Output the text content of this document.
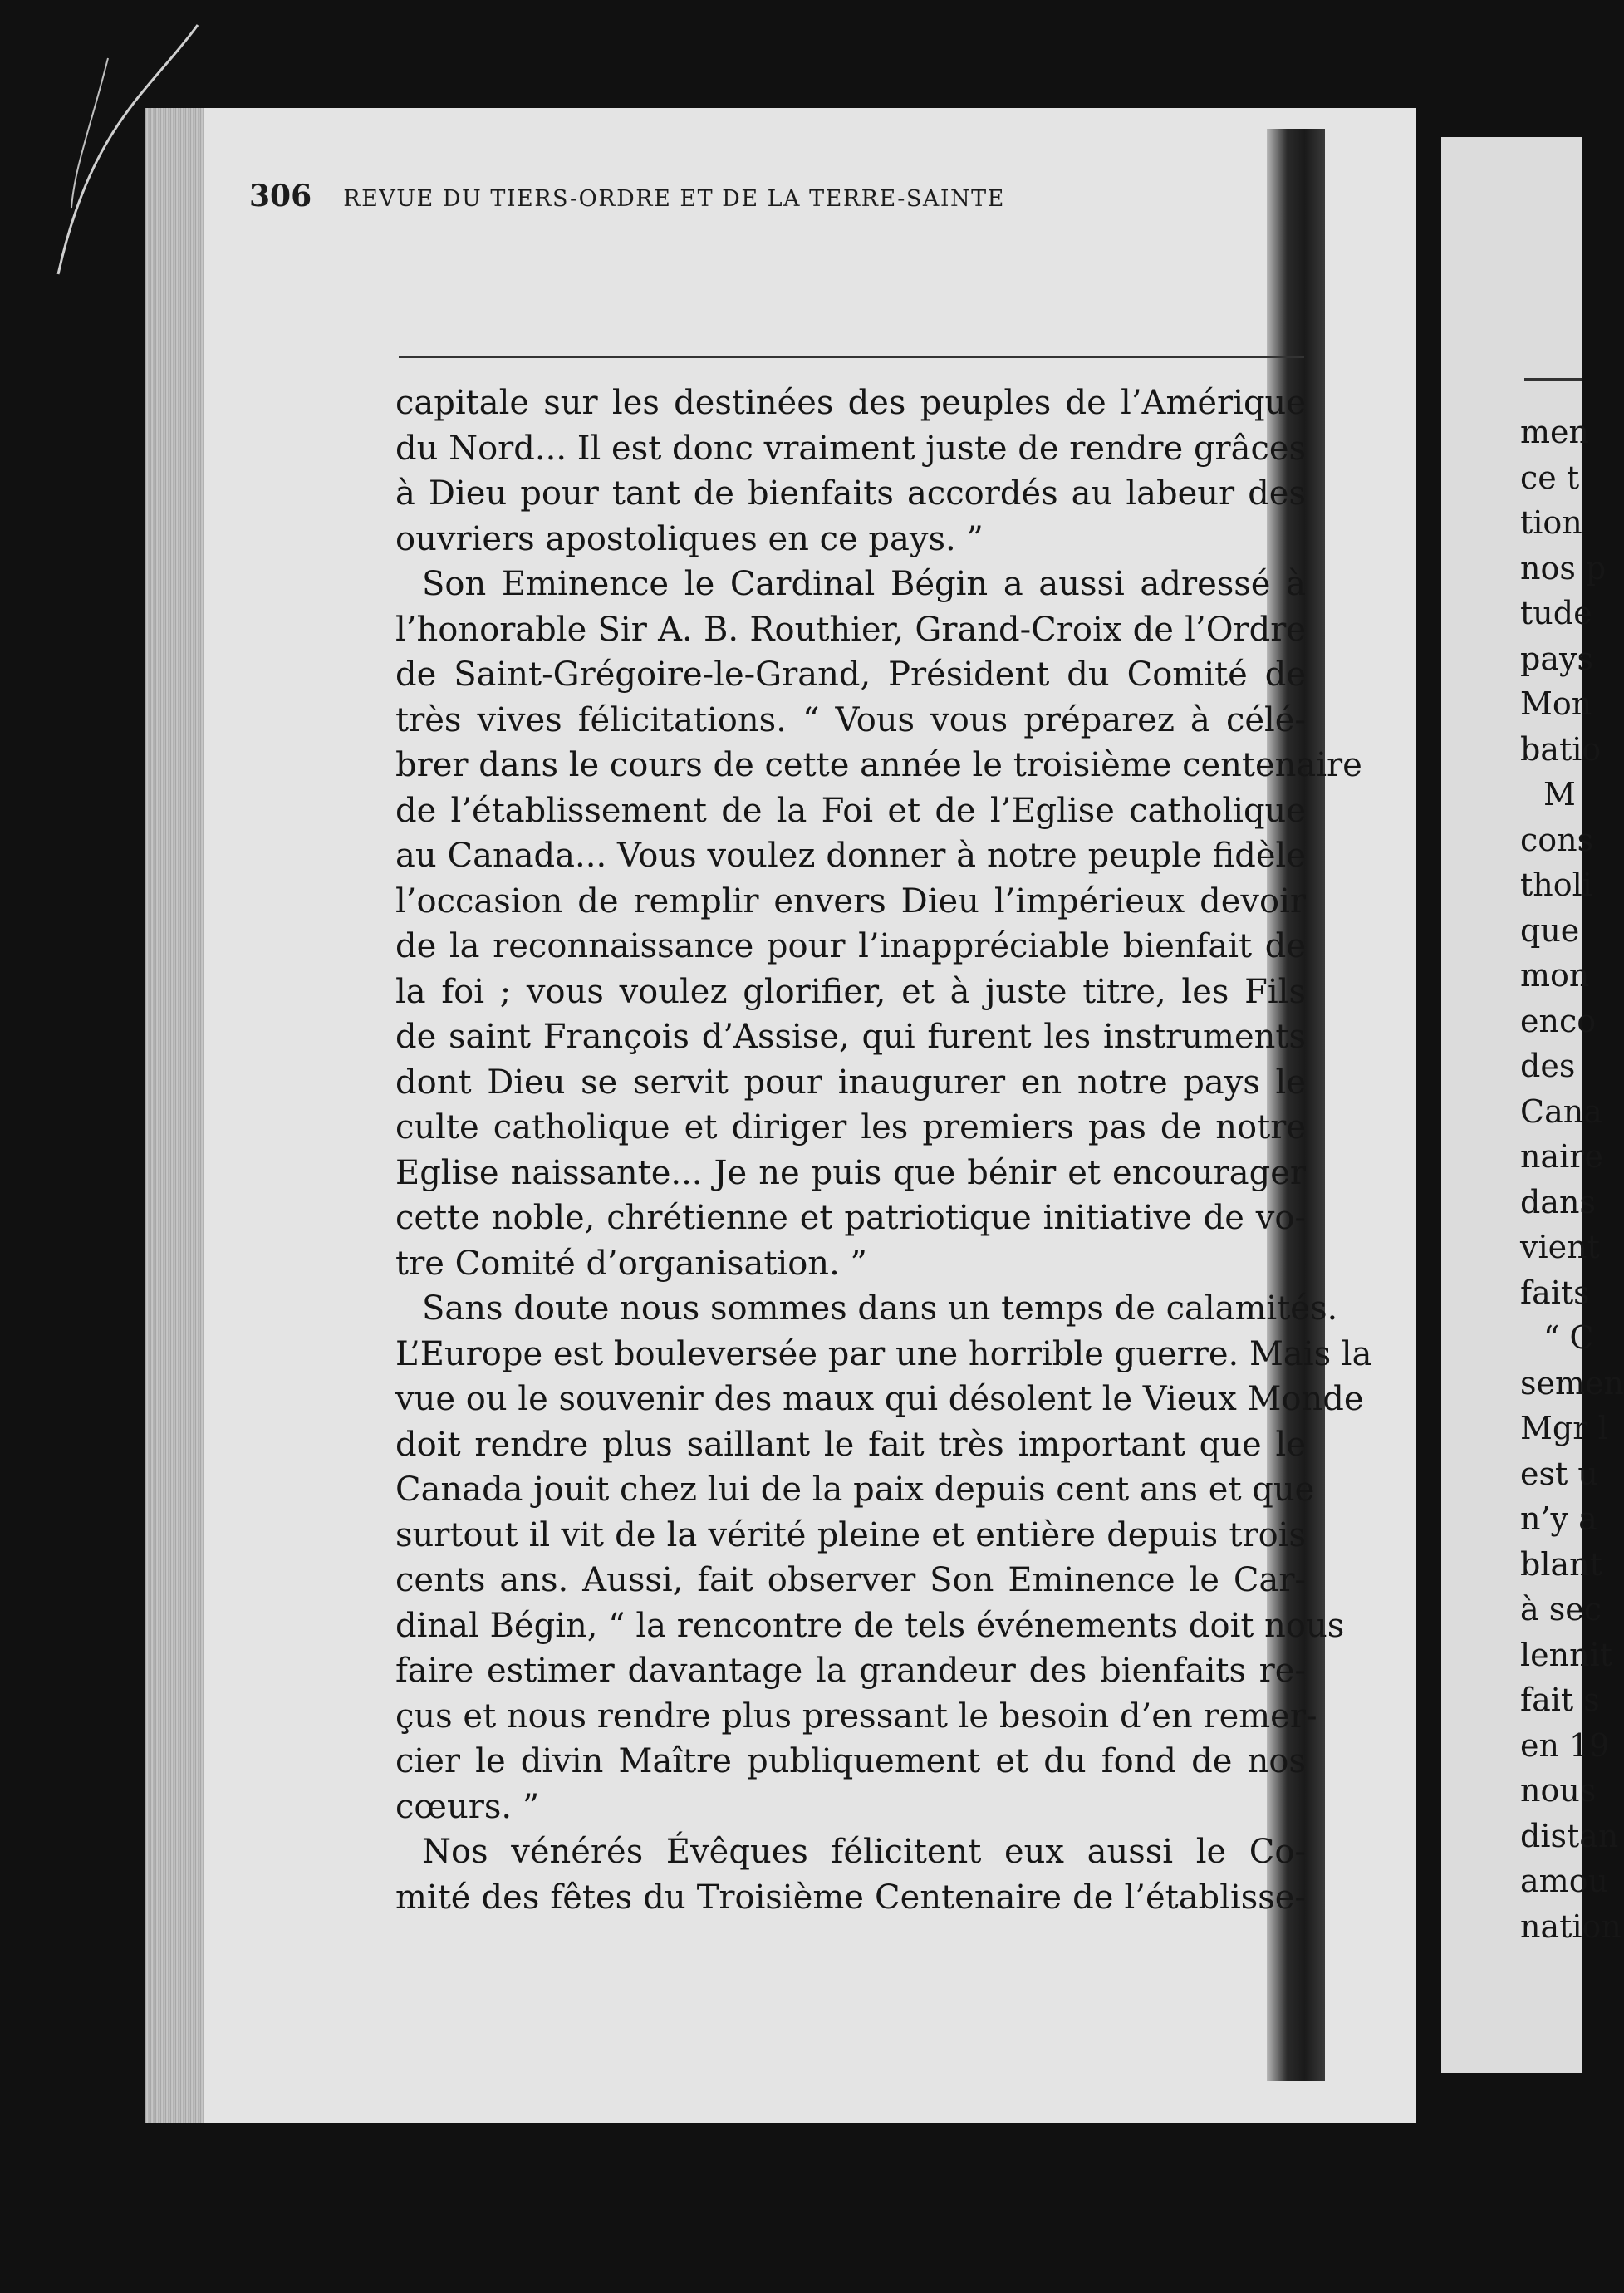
306 REVUE DU TIERS-ORDRE ET DE LA TERRE-SAINTE
capitale sur les destinées des peuples de l’Amérique
du Nord... Il est donc vraiment juste de rendre grâces
à Dieu pour tant de bienfaits accordés au labeur des
ouvriers apostoliques en ce pays. ”
Son Eminence le Cardinal Bégin a aussi adressé à
l’honorable Sir A. B. Routhier, Grand-Croix de l’Ordre
de Saint-Grégoire-le-Grand, Président du Comité de
très vives félicitations. “ Vous vous préparez à célé-
brer dans le cours de cette année le troisième centenaire
de l’établissement de la Foi et de l’Eglise catholique
au Canada... Vous voulez donner à notre peuple fidèle
l’occasion de remplir envers Dieu l’impérieux devoir
de la reconnaissance pour l’inappréciable bienfait de
la foi ; vous voulez glorifier, et à juste titre, les Fils
de saint François d’Assise, qui furent les instruments
dont Dieu se servit pour inaugurer en notre pays le
culte catholique et diriger les premiers pas de notre
Eglise naissante... Je ne puis que bénir et encourager
cette noble, chrétienne et patriotique initiative de vo-
tre Comité d’organisation. ”
Sans doute nous sommes dans un temps de calamités.
L’Europe est bouleversée par une horrible guerre. Mais la
vue ou le souvenir des maux qui désolent le Vieux Monde
doit rendre plus saillant le fait très important que le
Canada jouit chez lui de la paix depuis cent ans et que
surtout il vit de la vérité pleine et entière depuis trois
cents ans. Aussi, fait observer Son Eminence le Car-
dinal Bégin, “ la rencontre de tels événements doit nous
faire estimer davantage la grandeur des bienfaits re-
çus et nous rendre plus pressant le besoin d’en remer-
cier le divin Maître publiquement et du fond de nos
cœurs. ”
Nos vénérés Évêques félicitent eux aussi le Co-
mité des fêtes du Troisième Centenaire de l’établisse-
men
ce t
tion
nos p
tude
pays
Mon
batio
M
cons
tholi
que
mon
enco
des
Cana
naire
dans
vient
faits
“ C
semen
Mgr l
est u
n’y a
blant
à sec
lennit
fait s
en 19
nous
distan
amou
nation
